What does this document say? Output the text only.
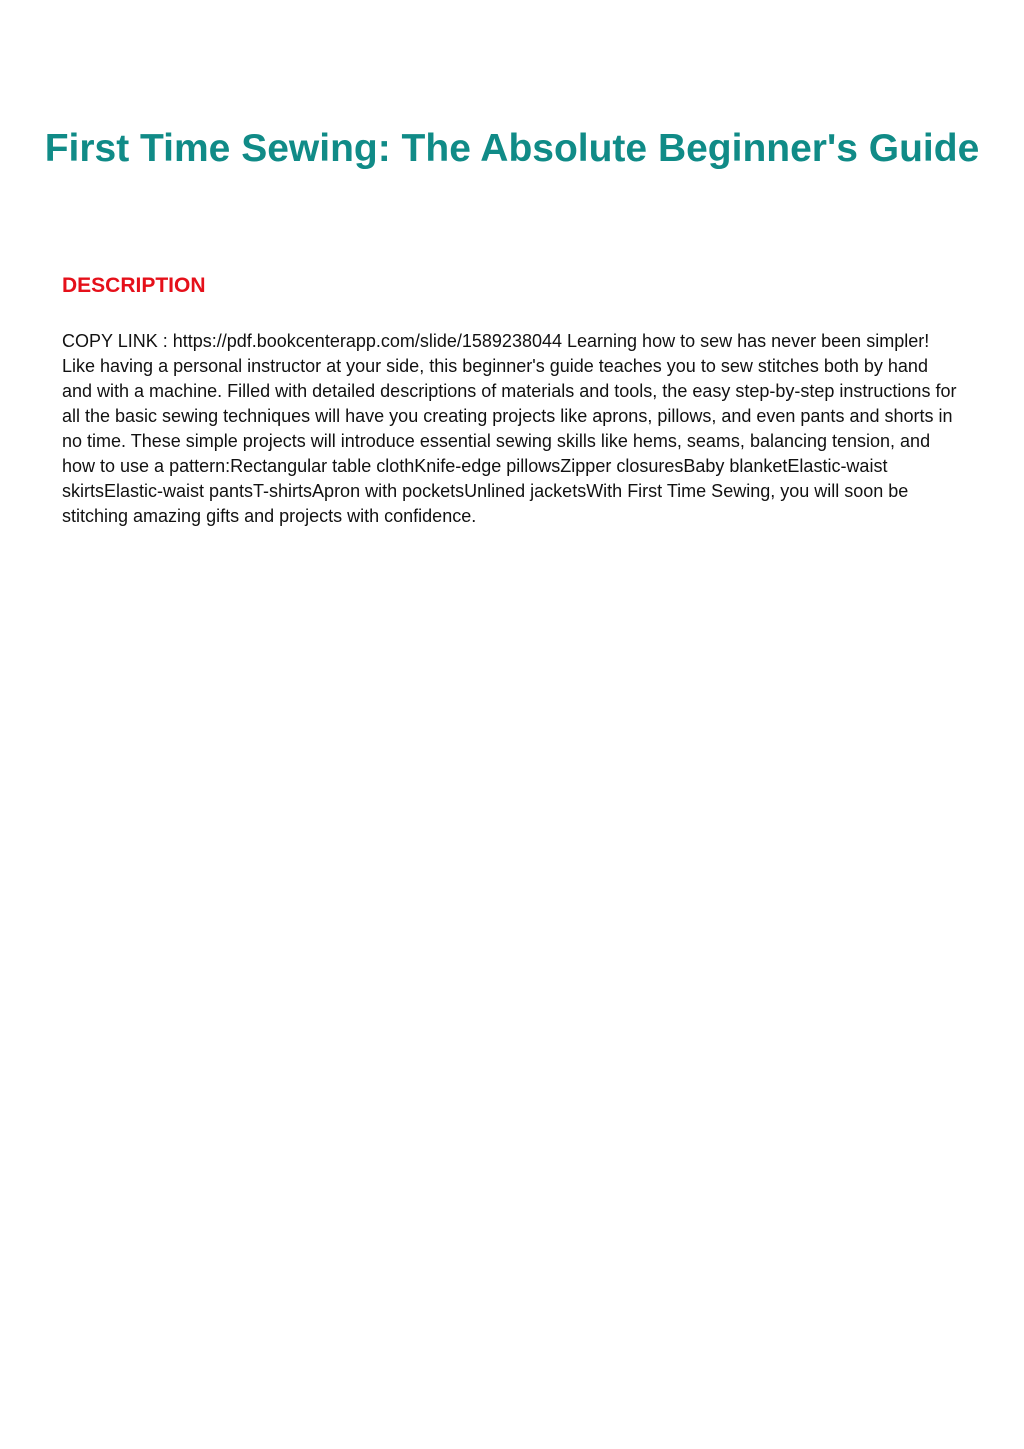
First Time Sewing: The Absolute Beginner's Guide
DESCRIPTION

COPY LINK : https://pdf.bookcenterapp.com/slide/1589238044 Learning how to sew has never been simpler! Like having a personal instructor at your side, this beginner's guide teaches you to sew stitches both by hand and with a machine. Filled with detailed descriptions of materials and tools, the easy step-by-step instructions for all the basic sewing techniques will have you creating projects like aprons, pillows, and even pants and shorts in no time. These simple projects will introduce essential sewing skills like hems, seams, balancing tension, and how to use a pattern:Rectangular table clothKnife-edge pillowsZipper closuresBaby blanketElastic-waist skirtsElastic-waist pantsT-shirtsApron with pocketsUnlined jacketsWith First Time Sewing, you will soon be stitching amazing gifts and projects with confidence.
